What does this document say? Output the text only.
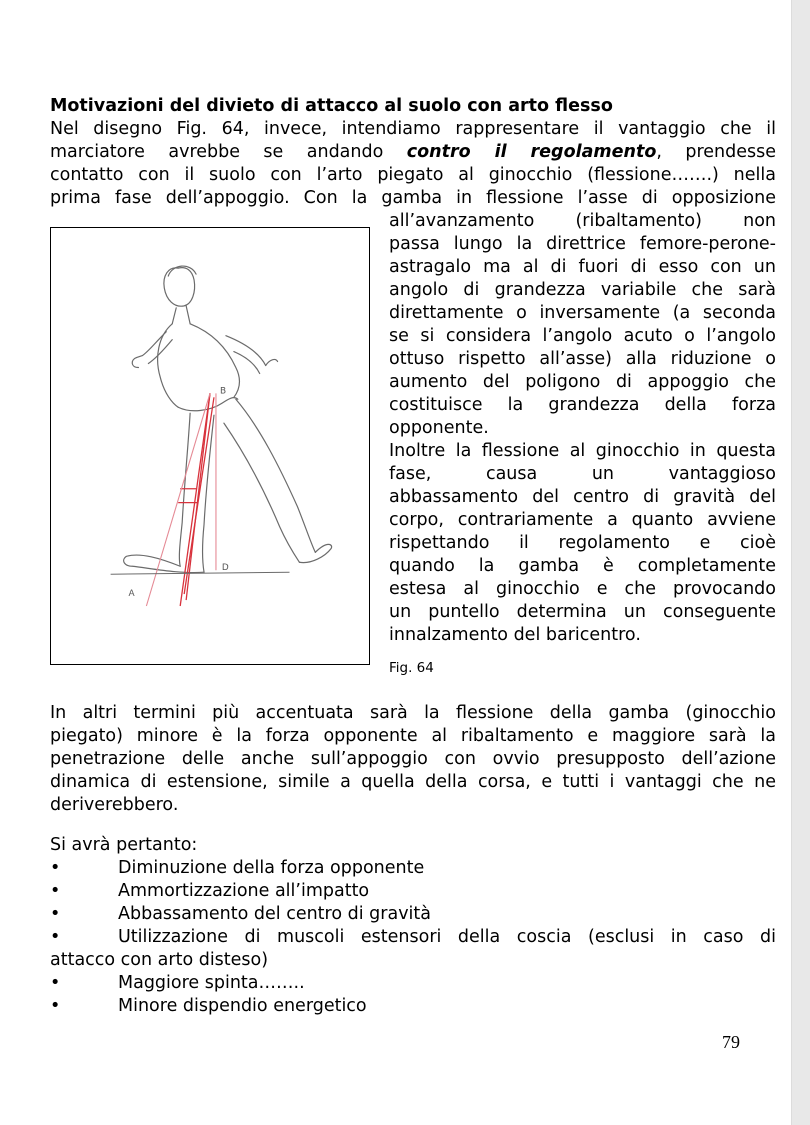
Motivazioni del divieto di attacco al suolo con arto flesso

Nel disegno Fig. 64, invece, intendiamo rappresentare il vantaggio che il

marciatore avrebbe se andando contro il regolamento, prendesse

contatto con il suolo con l’arto piegato al ginocchio (flessione…….) nella

prima fase dell’appoggio. Con la gamba in flessione l’asse di opposizione

B
D
A

all’avanzamento (ribaltamento) non

passa lungo la direttrice femore-perone-

astragalo ma al di fuori di esso con un

angolo di grandezza variabile che sarà

direttamente o inversamente (a seconda

se si considera l’angolo acuto o l’angolo

ottuso rispetto all’asse) alla riduzione o

aumento del poligono di appoggio che

costituisce la grandezza della forza

opponente.

Inoltre la flessione al ginocchio in questa

fase, causa un vantaggioso

abbassamento del centro di gravità del

corpo, contrariamente a quanto avviene

rispettando il regolamento e cioè

quando la gamba è completamente

estesa al ginocchio e che provocando

un puntello determina un conseguente

innalzamento del baricentro.

Fig. 64

In altri termini più accentuata sarà la flessione della gamba (ginocchio

piegato) minore è la forza opponente al ribaltamento e maggiore sarà la

penetrazione delle anche sull’appoggio con ovvio presupposto dell’azione

dinamica di estensione, simile a quella della corsa, e tutti i vantaggi che ne

deriverebbero.

Si avrà pertanto:
•	Diminuzione della forza opponente
•	Ammortizzazione all’impatto
•	Abbassamento del centro di gravità
•	Utilizzazione di muscoli estensori della coscia (esclusi in caso di
attacco con arto disteso)
•	Maggiore spinta……..
•	Minore dispendio energetico
79
